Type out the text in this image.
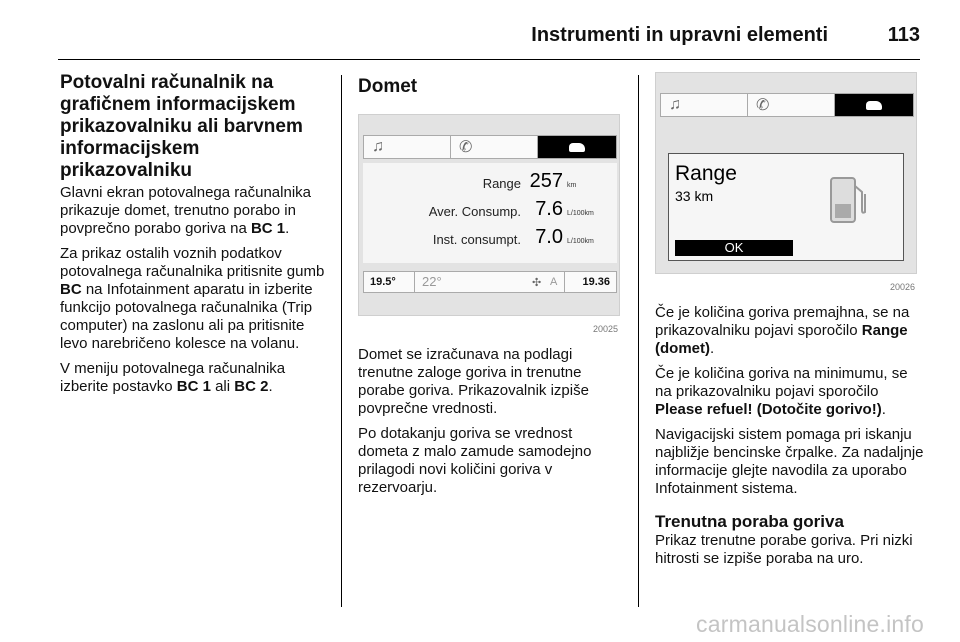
Instrumenti in upravni elementi	113
Potovalni računalnik na grafičnem informacijskem prikazovalniku ali barvnem informacijskem prikazovalniku

Glavni ekran potovalnega računalnika prikazuje domet, trenutno porabo in povprečno porabo goriva na BC 1.

Za prikaz ostalih voznih podatkov potovalnega računalnika pritisnite gumb BC na Infotainment aparatu in izberite funkcijo potovalnega računalnika (Trip computer) na zaslonu ali pa pritisnite levo narebričeno kolesce na volanu.

V meniju potovalnega računalnika izberite postavko BC 1 ali BC 2.

Domet
♫	✆
Range 257 km
Aver. Consump. 7.6 L/100km
Inst. consumpt. 7.0 L/100km
19.5° 22°	✣ A 19.36
20025

Domet se izračunava na podlagi trenutne zaloge goriva in trenutne porabe goriva. Prikazovalnik izpiše povprečne vrednosti.

Po dotakanju goriva se vrednost dometa z malo zamude samodejno prilagodi novi količini goriva v rezervoarju.

♫	✆
Range
33 km
OK
20026

Če je količina goriva premajhna, se na prikazovalniku pojavi sporočilo Range (domet).

Če je količina goriva na minimumu, se na prikazovalniku pojavi sporočilo Please refuel! (Dotočite gorivo!).

Navigacijski sistem pomaga pri iskanju najbližje bencinske črpalke. Za nadaljnje informacije glejte navodila za uporabo Infotainment sistema.

Trenutna poraba goriva

Prikaz trenutne porabe goriva. Pri nizki hitrosti se izpiše poraba na uro.

carmanualsonline.info
